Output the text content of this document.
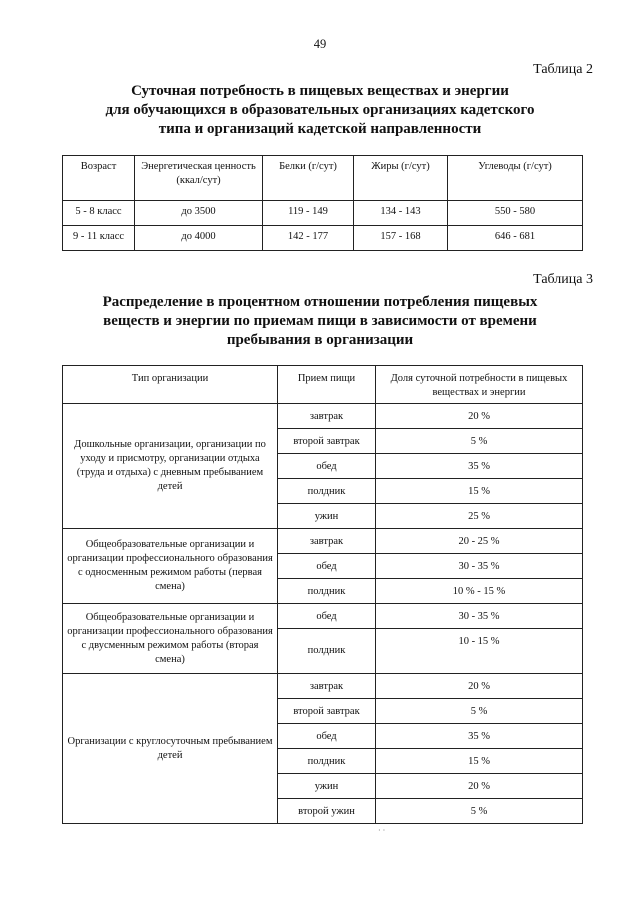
49
Таблица 2
Суточная потребность в пищевых веществах и энергии
для обучающихся в образовательных организациях кадетского
типа и организаций кадетской направленности
Возраст	Энергетическая ценность (ккал/сут)	Белки (г/сут)	Жиры (г/сут)	Углеводы (г/сут)
5 - 8 класс	до 3500	119 - 149	134 - 143	550 - 580
9 - 11 класс	до 4000	142 - 177	157 - 168	646 - 681
Таблица 3
Распределение в процентном отношении потребления пищевых
веществ и энергии по приемам пищи в зависимости от времени
пребывания в организации
Тип организации	Прием пищи	Доля суточной потребности в пищевых веществах и энергии
Дошкольные организации, организации по уходу и присмотру, организации отдыха (труда и отдыха) с дневным пребыванием детей	завтрак	20 %
	второй завтрак	5 %
	обед	35 %
	полдник	15 %
	ужин	25 %
Общеобразовательные организации и организации профессионального образования с односменным режимом работы (первая смена)	завтрак	20 - 25 %
	обед	30 - 35 %
	полдник	10 % - 15 %
Общеобразовательные организации и организации профессионального образования с двусменным режимом работы (вторая смена)	обед	30 - 35 %
	полдник	10 - 15 %
Организации с круглосуточным пребыванием детей	завтрак	20 %
	второй завтрак	5 %
	обед	35 %
	полдник	15 %
	ужин	20 %
	второй ужин	5 %
· ·
